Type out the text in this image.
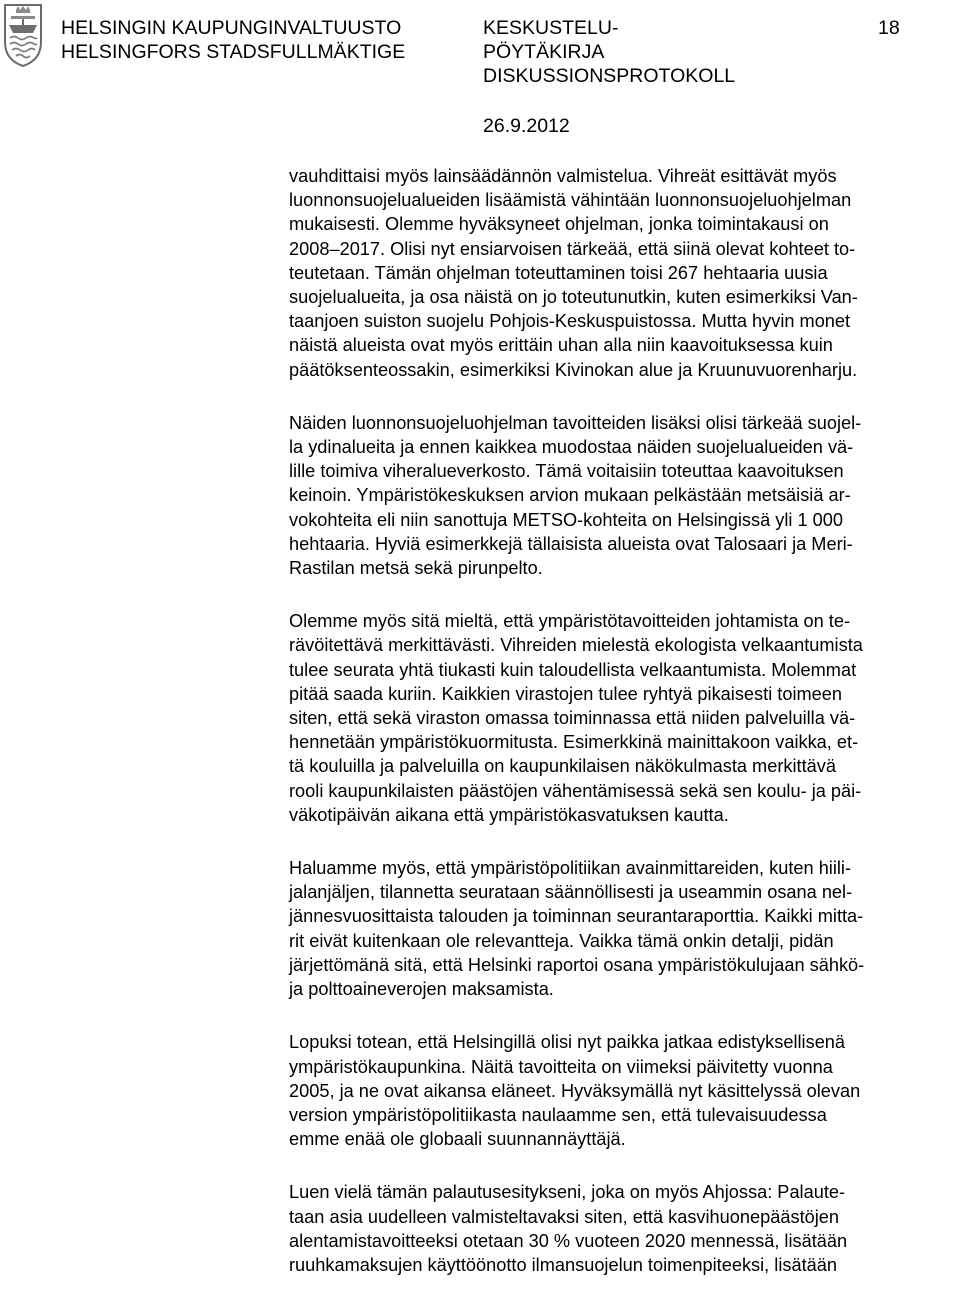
HELSINGIN KAUPUNGINVALTUUSTO
HELSINGFORS STADSFULLMÄKTIGE
KESKUSTELU-
PÖYTÄKIRJA
DISKUSSIONSPROTOKOLL
18
26.9.2012

vauhdittaisi myös lainsäädännön valmistelua. Vihreät esittävät myös
luonnonsuojelualueiden lisäämistä vähintään luonnonsuojeluohjelman
mukaisesti. Olemme hyväksyneet ohjelman, jonka toimintakausi on
2008–2017. Olisi nyt ensiarvoisen tärkeää, että siinä olevat kohteet to-
teutetaan. Tämän ohjelman toteuttaminen toisi 267 hehtaaria uusia
suojelualueita, ja osa näistä on jo toteutunutkin, kuten esimerkiksi Van-
taanjoen suiston suojelu Pohjois-Keskuspuistossa. Mutta hyvin monet
näistä alueista ovat myös erittäin uhan alla niin kaavoituksessa kuin
päätöksenteossakin, esimerkiksi Kivinokan alue ja Kruunuvuorenharju.

Näiden luonnonsuojeluohjelman tavoitteiden lisäksi olisi tärkeää suojel-
la ydinalueita ja ennen kaikkea muodostaa näiden suojelualueiden vä-
lille toimiva viheralueverkosto. Tämä voitaisiin toteuttaa kaavoituksen
keinoin. Ympäristökeskuksen arvion mukaan pelkästään metsäisiä ar-
vokohteita eli niin sanottuja METSO-kohteita on Helsingissä yli 1 000
hehtaaria. Hyviä esimerkkejä tällaisista alueista ovat Talosaari ja Meri-
Rastilan metsä sekä pirunpelto.

Olemme myös sitä mieltä, että ympäristötavoitteiden johtamista on te-
rävöitettävä merkittävästi. Vihreiden mielestä ekologista velkaantumista
tulee seurata yhtä tiukasti kuin taloudellista velkaantumista. Molemmat
pitää saada kuriin. Kaikkien virastojen tulee ryhtyä pikaisesti toimeen
siten, että sekä viraston omassa toiminnassa että niiden palveluilla vä-
hennetään ympäristökuormitusta. Esimerkkinä mainittakoon vaikka, et-
tä kouluilla ja palveluilla on kaupunkilaisen näkökulmasta merkittävä
rooli kaupunkilaisten päästöjen vähentämisessä sekä sen koulu- ja päi-
väkotipäivän aikana että ympäristökasvatuksen kautta.

Haluamme myös, että ympäristöpolitiikan avainmittareiden, kuten hiili-
jalanjäljen, tilannetta seurataan säännöllisesti ja useammin osana nel-
jännesvuosittaista talouden ja toiminnan seurantaraporttia. Kaikki mitta-
rit eivät kuitenkaan ole relevantteja. Vaikka tämä onkin detalji, pidän
järjettömänä sitä, että Helsinki raportoi osana ympäristökulujaan sähkö-
ja polttoaineverojen maksamista.

Lopuksi totean, että Helsingillä olisi nyt paikka jatkaa edistyksellisenä
ympäristökaupunkina. Näitä tavoitteita on viimeksi päivitetty vuonna
2005, ja ne ovat aikansa eläneet. Hyväksymällä nyt käsittelyssä olevan
version ympäristöpolitiikasta naulaamme sen, että tulevaisuudessa
emme enää ole globaali suunnannäyttäjä.

Luen vielä tämän palautusesitykseni, joka on myös Ahjossa: Palaute-
taan asia uudelleen valmisteltavaksi siten, että kasvihuonepäästöjen
alentamistavoitteeksi otetaan 30 % vuoteen 2020 mennessä, lisätään
ruuhkamaksujen käyttöönotto ilmansuojelun toimenpiteeksi, lisätään
